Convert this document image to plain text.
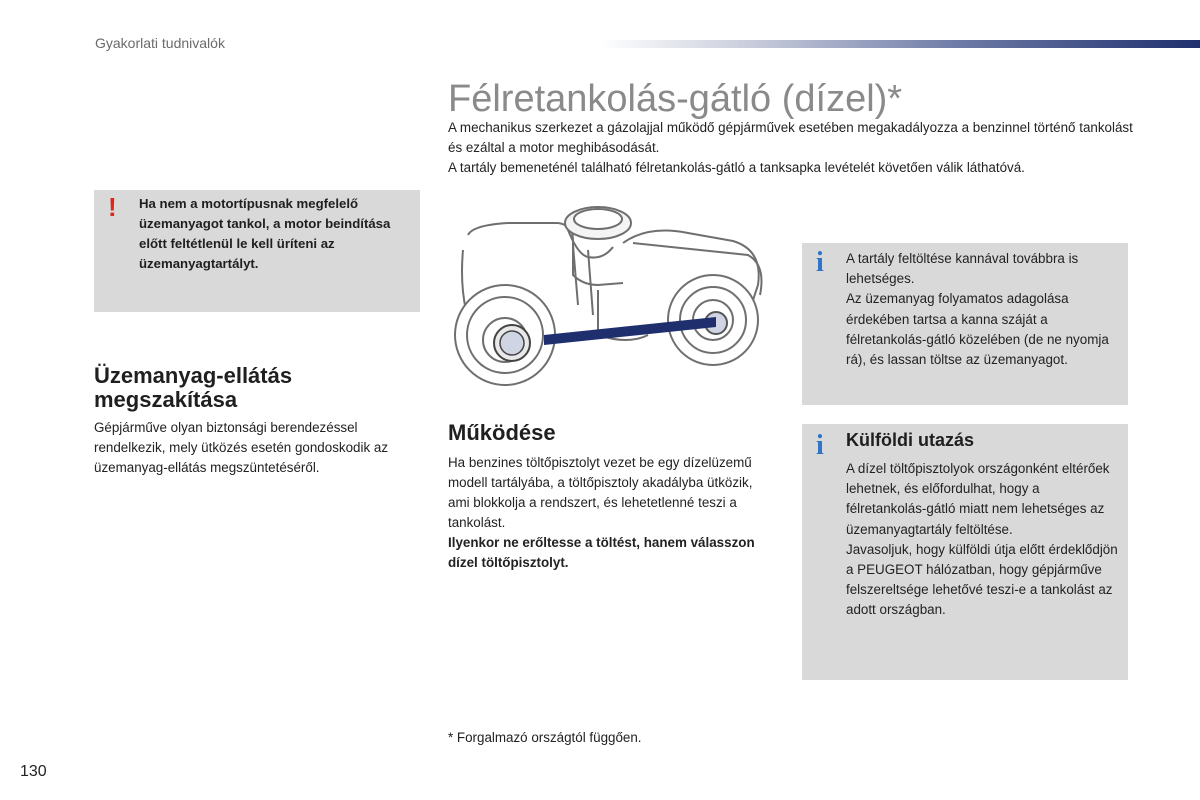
Gyakorlati tudnivalók
Félretankolás-gátló (dízel)*

A mechanikus szerkezet a gázolajjal működő gépjárművek esetében megakadályozza a benzinnel történő tankolást és ezáltal a motor meghibásodását.

A tartály bemeneténél található félretankolás-gátló a tanksapka levételét követően válik láthatóvá.

! Ha nem a motortípusnak megfelelő üzemanyagot tankol, a motor beindítása előtt feltétlenül le kell üríteni az üzemanyagtartályt.
Üzemanyag-ellátás megszakítása
Gépjárműve olyan biztonsági berendezéssel rendelkezik, mely ütközés esetén gondoskodik az üzemanyag-ellátás megszüntetéséről.
Működése

Ha benzines töltőpisztolyt vezet be egy dízelüzemű modell tartályába, a töltőpisztoly akadályba ütközik, ami blokkolja a rendszert, és lehetetlenné teszi a tankolást.

Ilyenkor ne erőltesse a töltést, hanem válasszon dízel töltőpisztolyt.

i A tartály feltöltése kannával továbbra is lehetséges.

Az üzemanyag folyamatos adagolása érdekében tartsa a kanna száját a félretankolás-gátló közelében (de ne nyomja rá), és lassan töltse az üzemanyagot.

i Külföldi utazás

A dízel töltőpisztolyok országonként eltérőek lehetnek, és előfordulhat, hogy a félretankolás-gátló miatt nem lehetséges az üzemanyagtartály feltöltése.

Javasoljuk, hogy külföldi útja előtt érdeklődjön a PEUGEOT hálózatban, hogy gépjárműve felszereltsége lehetővé teszi-e a tankolást az adott országban.

* Forgalmazó országtól függően.
130
